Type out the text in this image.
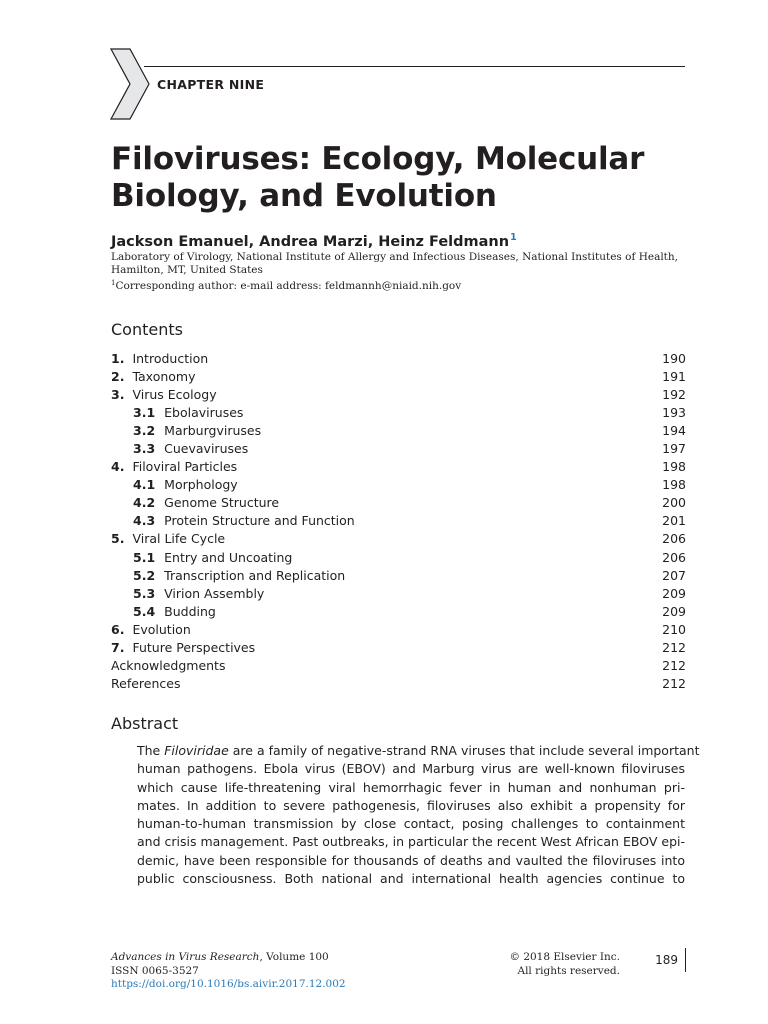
CHAPTER NINE
Filoviruses: Ecology, Molecular
Biology, and Evolution
Jackson Emanuel, Andrea Marzi, Heinz Feldmann$^1$

Laboratory of Virology, National Institute of Allergy and Infectious Diseases, National Institutes of Health, Hamilton, MT, United States

$^1$Corresponding author: e-mail address: feldmannh@niaid.nih.gov
Contents
1. Introduction	190
2. Taxonomy	191
3. Virus Ecology	192
3.1 Ebolaviruses	193
3.2 Marburgviruses	194
3.3 Cuevaviruses	197
4. Filoviral Particles	198
4.1 Morphology	198
4.2 Genome Structure	200
4.3 Protein Structure and Function	201
5. Viral Life Cycle	206
5.1 Entry and Uncoating	206
5.2 Transcription and Replication	207
5.3 Virion Assembly	209
5.4 Budding	209
6. Evolution	210
7. Future Perspectives	212
Acknowledgments	212
References	212
Abstract
The Filoviridae are a family of negative-strand RNA viruses that include several important
human pathogens. Ebola virus (EBOV) and Marburg virus are well-known filoviruses
which cause life-threatening viral hemorrhagic fever in human and nonhuman pri-
mates. In addition to severe pathogenesis, filoviruses also exhibit a propensity for
human-to-human transmission by close contact, posing challenges to containment
and crisis management. Past outbreaks, in particular the recent West African EBOV epi-
demic, have been responsible for thousands of deaths and vaulted the filoviruses into
public consciousness. Both national and international health agencies continue to
Advances in Virus Research, Volume 100
ISSN 0065-3527
https://doi.org/10.1016/bs.aivir.2017.12.002
© 2018 Elsevier Inc.
All rights reserved.
189
